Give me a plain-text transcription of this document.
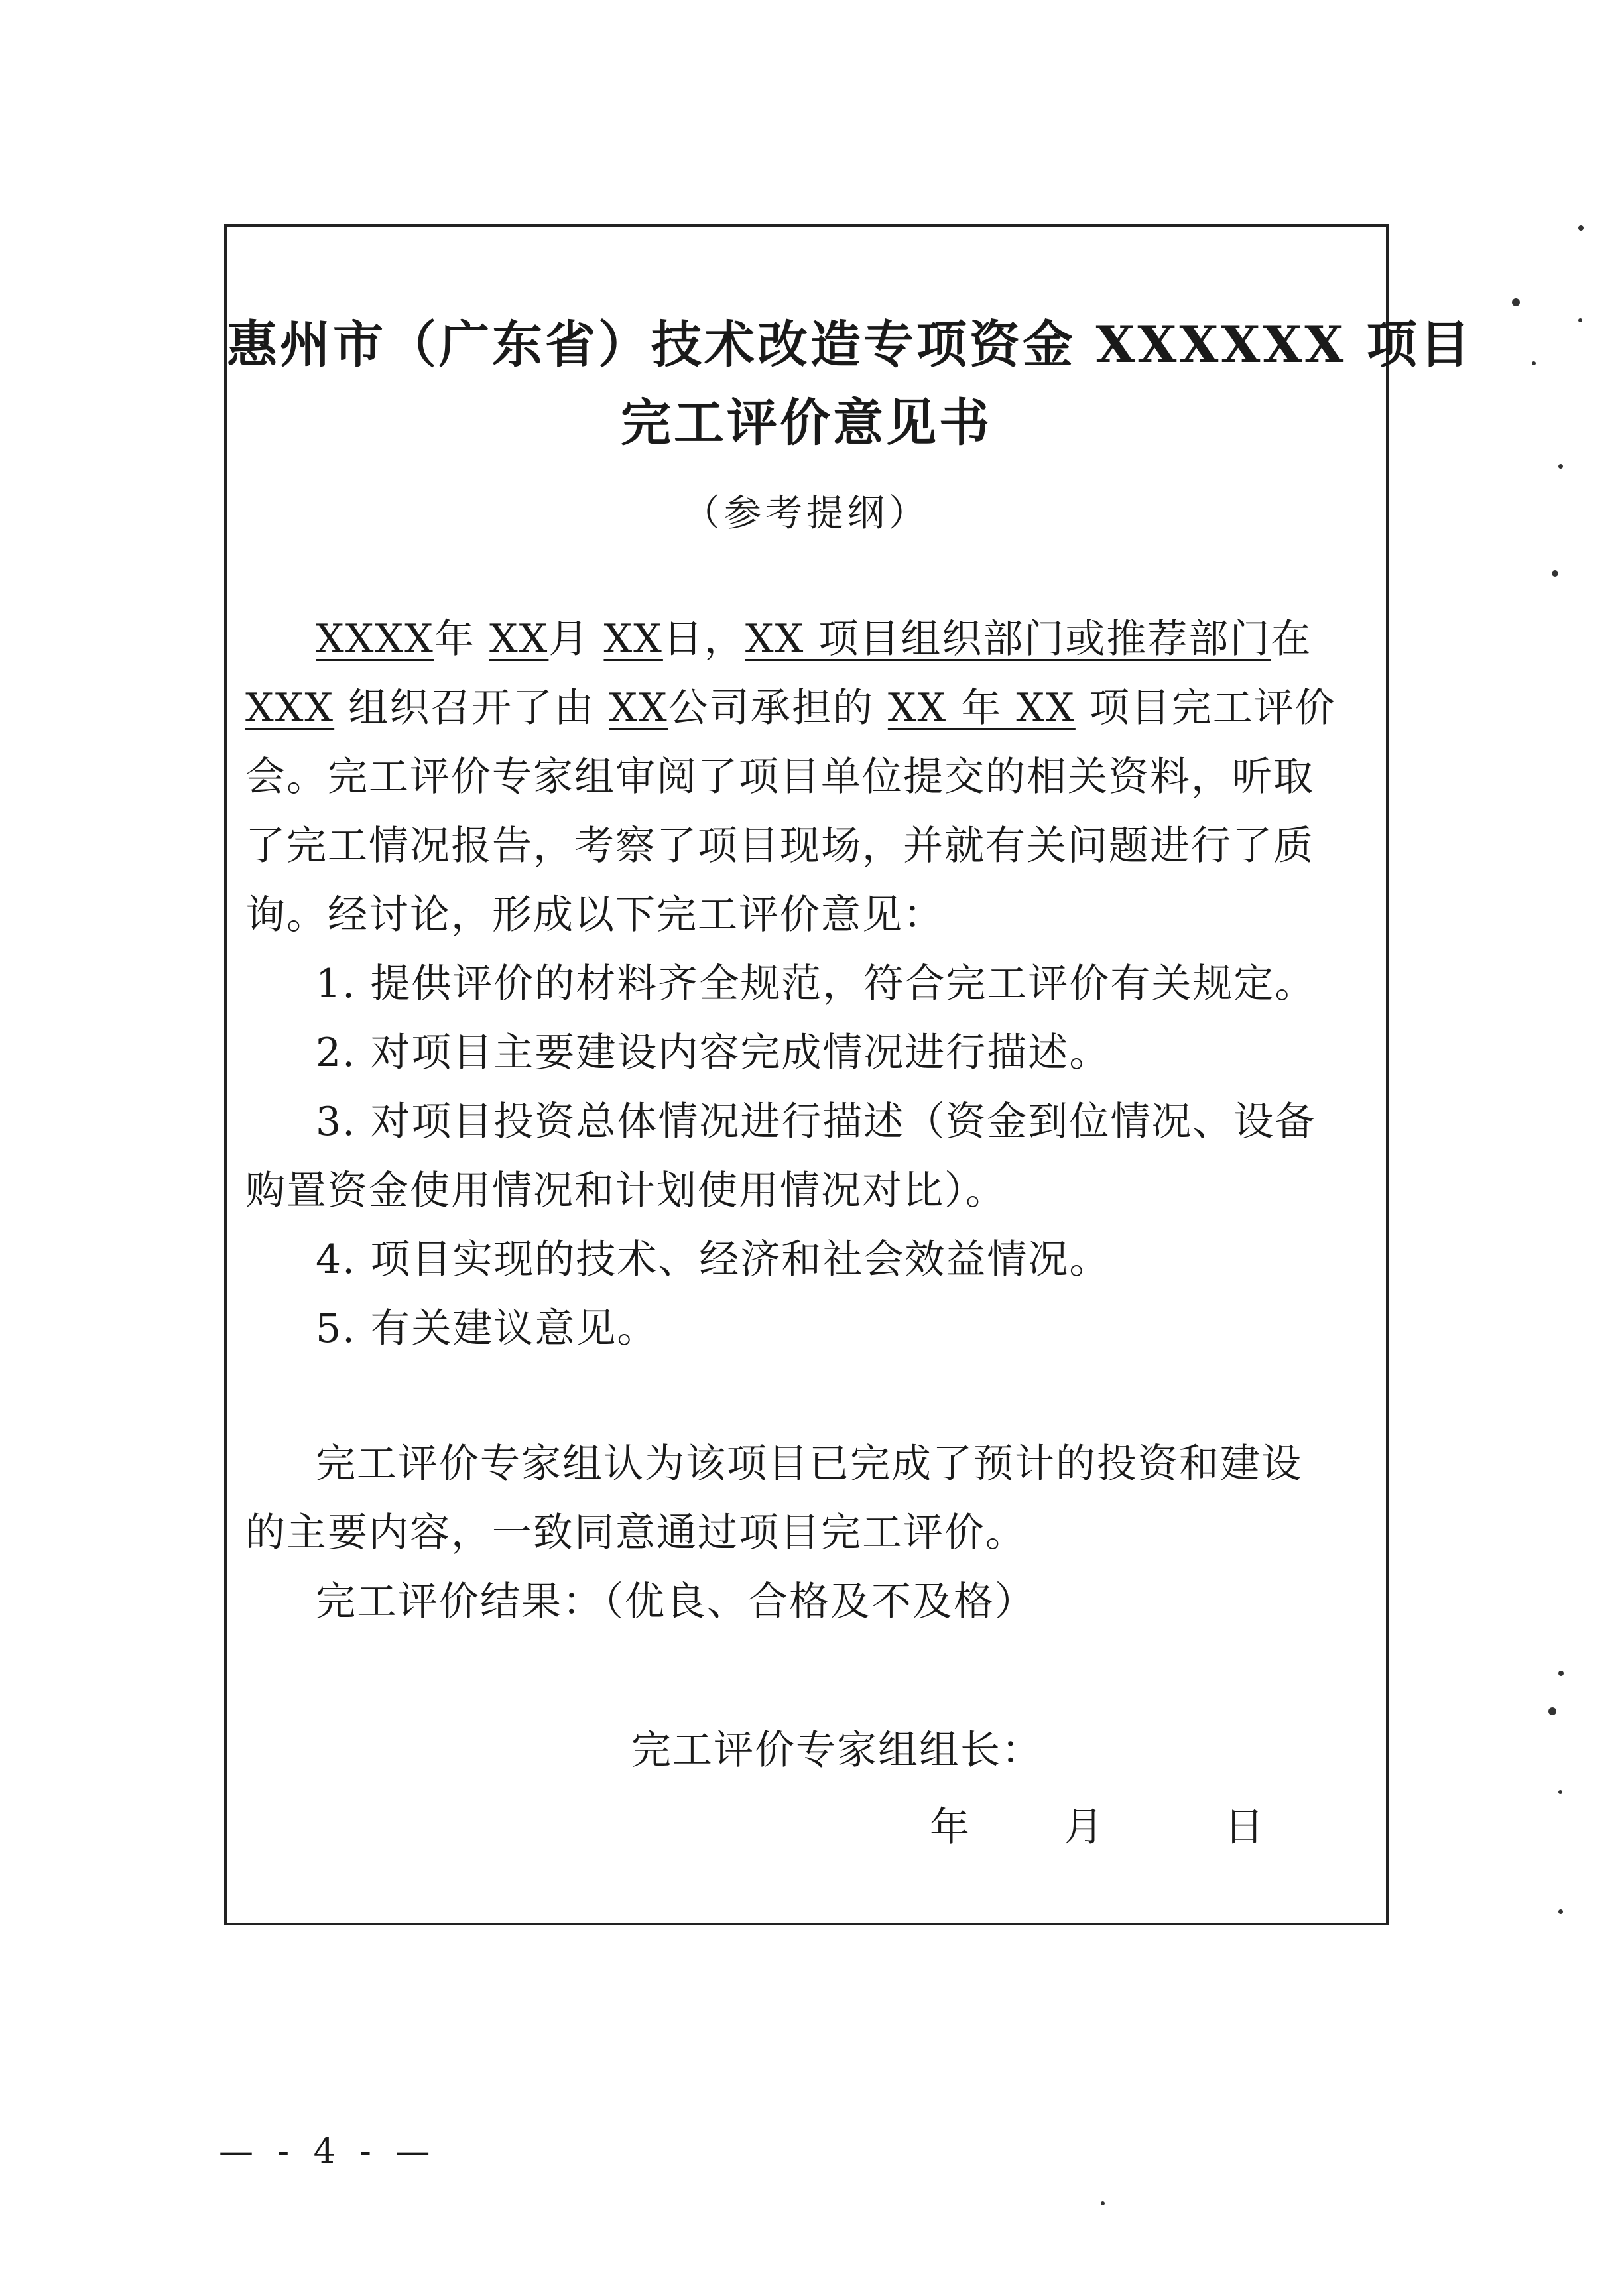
惠州市（广东省）技术改造专项资金 XXXXXX 项目
完工评价意见书
（参考提纲）
XXXX年 XX月 XX日，XX 项目组织部门或推荐部门在
XXX 组织召开了由 XX公司承担的 XX 年 XX 项目完工评价
会。完工评价专家组审阅了项目单位提交的相关资料，听取
了完工情况报告，考察了项目现场，并就有关问题进行了质
询。经讨论，形成以下完工评价意见：
1. 提供评价的材料齐全规范，符合完工评价有关规定。
2. 对项目主要建设内容完成情况进行描述。
3. 对项目投资总体情况进行描述（资金到位情况、设备
购置资金使用情况和计划使用情况对比）。
4. 项目实现的技术、经济和社会效益情况。
5. 有关建议意见。
完工评价专家组认为该项目已完成了预计的投资和建设
的主要内容，一致同意通过项目完工评价。
完工评价结果：（优良、合格及不及格）
完工评价专家组组长：
年 月	日
— - 4 - —
